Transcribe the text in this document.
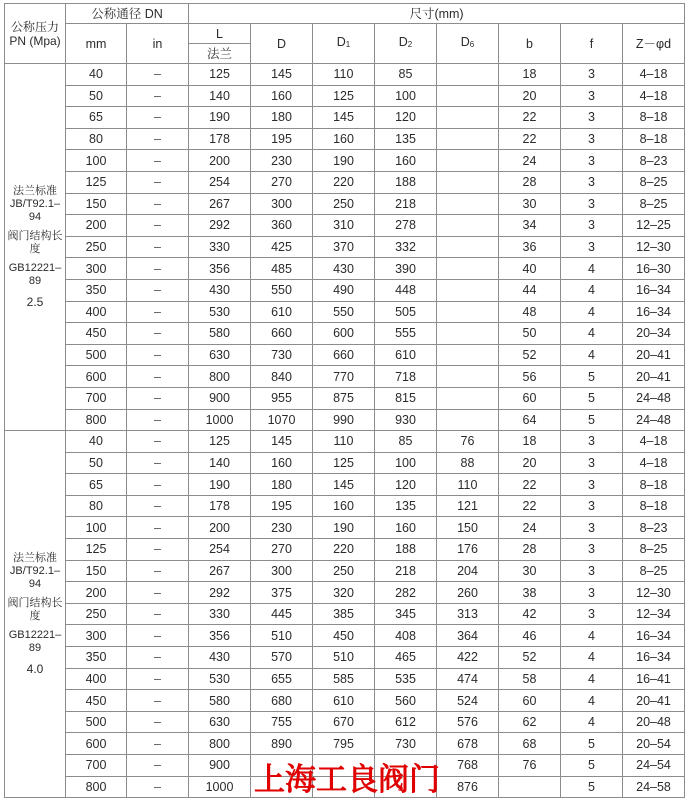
公称压力 PN (Mpa)	公称通径 DN		尺寸(mm)							
	mm	in	L	D	$D_1$	$D_2$	$D_6$	b	f	Z－φd
			法兰							

法兰标准
JB/T92.1–94
阀门结构长度
GB12221–89
2.5	40	–	125	145	110	85		18	3	4–18
	50	–	140	160	125	100		20	3	4–18
	65	–	190	180	145	120		22	3	8–18
	80	–	178	195	160	135		22	3	8–18
	100	–	200	230	190	160		24	3	8–23
	125	–	254	270	220	188		28	3	8–25
	150	–	267	300	250	218		30	3	8–25
	200	–	292	360	310	278		34	3	12–25
	250	–	330	425	370	332		36	3	12–30
	300	–	356	485	430	390		40	4	16–30
	350	–	430	550	490	448		44	4	16–34
	400	–	530	610	550	505		48	4	16–34
	450	–	580	660	600	555		50	4	20–34
	500	–	630	730	660	610		52	4	20–41
	600	–	800	840	770	718		56	5	20–41
	700	–	900	955	875	815		60	5	24–48
	800	–	1000	1070	990	930		64	5	24–48

法兰标准
JB/T92.1–94
阀门结构长度
GB12221–89
4.0	40	–	125	145	110	85	76	18	3	4–18
	50	–	140	160	125	100	88	20	3	4–18
	65	–	190	180	145	120	110	22	3	8–18
	80	–	178	195	160	135	121	22	3	8–18
	100	–	200	230	190	160	150	24	3	8–23
	125	–	254	270	220	188	176	28	3	8–25
	150	–	267	300	250	218	204	30	3	8–25
	200	–	292	375	320	282	260	38	3	12–30
	250	–	330	445	385	345	313	42	3	12–34
	300	–	356	510	450	408	364	46	4	16–34
	350	–	430	570	510	465	422	52	4	16–34
	400	–	530	655	585	535	474	58	4	16–41
	450	–	580	680	610	560	524	60	4	20–41
	500	–	630	755	670	612	576	62	4	20–48
	600	–	800	890	795	730	678	68	5	20–54
	700	–	900				768	76	5	24–54
	800	–	1000				876		5	24–58
上海工良阀门
